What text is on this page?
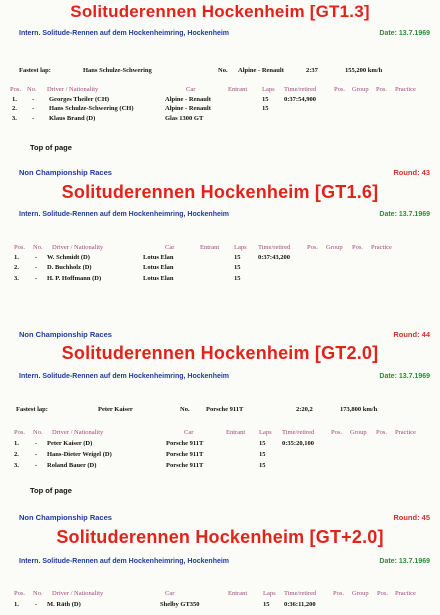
Solituderennen Hockenheim [GT1.3]
Intern. Solitude-Rennen auf dem Hockenheimring, Hockenheim	Date: 13.7.1969
Fastest lap:	Hans Schulze-Schwering	No. Alpine - Renault	2:37	155,200 km/h
Pos. No. Driver / Nationality	Car	Entrant Laps Time/retired	Pos. Group Pos. Practice
1. - Georges Theiler (CH)	Alpine - Renault	15 0:37:54,900
2. - Hans Schulze-Schwering (CH)	Alpine - Renault	15
3. - Klaus Brand (D)	Glas 1300 GT
Top of page
Non Championship Races	Round: 43
Solituderennen Hockenheim [GT1.6]
Intern. Solitude-Rennen auf dem Hockenheimring, Hockenheim	Date: 13.7.1969
Pos. No. Driver / Nationality	Car	Entrant Laps Time/retired	Pos. Group Pos. Practice
1. - W. Schmidt (D)	Lotus Elan	15	0:37:43,200
2. - D. Buchholz (D)	Lotus Elan	15
3. - H. P. Hoffmann (D)	Lotus Elan	15
Non Championship Races	Round: 44
Solituderennen Hockenheim [GT2.0]
Intern. Solitude-Rennen auf dem Hockenheimring, Hockenheim	Date: 13.7.1969
Fastest lap:	Peter Kaiser	No.	Porsche 911T	2:20,2	173,800 km/h
Pos. No. Driver / Nationality	Car	Entrant Laps Time/retired	Pos. Group Pos. Practice
1. - Peter Kaiser (D)	Porsche 911T	15	0:35:20,100
2. - Hans-Dieter Weigel (D)	Porsche 911T	15
3. - Roland Bauer (D)	Porsche 911T	15
Top of page
Non Championship Races	Round: 45
Solituderennen Hockenheim [GT+2.0]
Intern. Solitude-Rennen auf dem Hockenheimring, Hockenheim	Date: 13.7.1969
Pos. No. Driver / Nationality	Car	Entrant Laps Time/retired	Pos. Group Pos. Practice
1. - M. Räth (D)	Shelby GT350	15 0:36:11,200
